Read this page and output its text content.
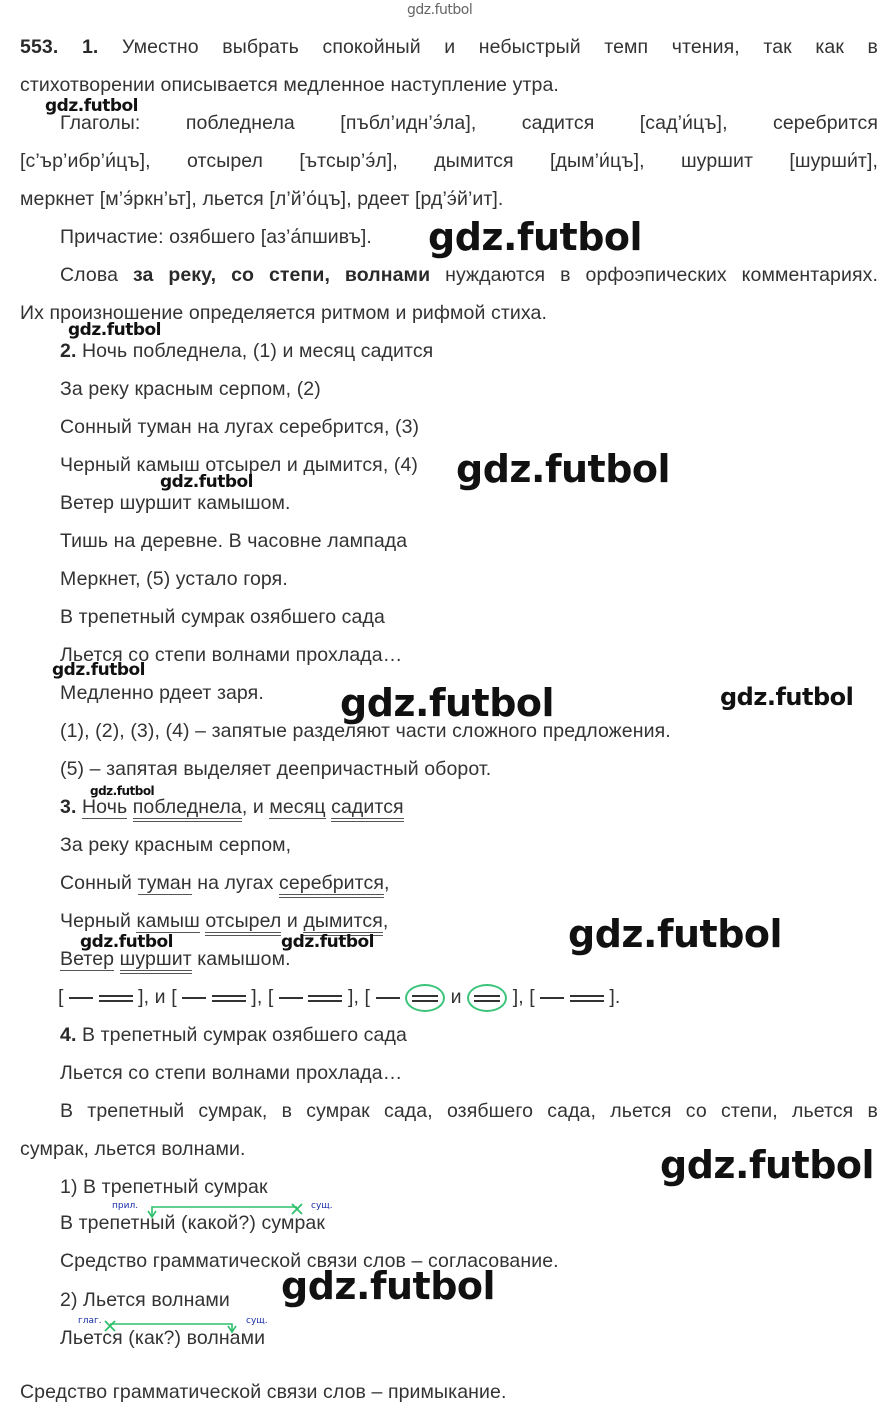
553. 1. Уместно выбрать спокойный и небыстрый темп чтения, так как в
стихотворении описывается медленное наступление утра.
Глаголы: побледнела [пъбл’идн’э́ла], садится [сад’и́цъ], серебрится
[с’ър’ибр’и́цъ], отсырел [ътсыр’э́л], дымится [дым’и́цъ], шуршит [шурши́т],
меркнет [м’э́ркн’ьт], льется [л’й’о́цъ], рдеет [рд’э́й’ит].
Причастие: озябшего [аз’а́пшивъ].
Слова за реку, со степи, волнами нуждаются в орфоэпических комментариях.
Их произношение определяется ритмом и рифмой стиха.
2. Ночь побледнела, (1) и месяц садится
За реку красным серпом, (2)
Сонный туман на лугах серебрится, (3)
Черный камыш отсырел и дымится, (4)
Ветер шуршит камышом.
Тишь на деревне. В часовне лампада
Меркнет, (5) устало горя.
В трепетный сумрак озябшего сада
Льется со степи волнами прохлада…
Медленно рдеет заря.
(1), (2), (3), (4) – запятые разделяют части сложного предложения.
(5) – запятая выделяет деепричастный оборот.
3. Ночь побледнела, и месяц садится
За реку красным серпом,
Сонный туман на лугах серебрится,
Черный камыш отсырел и дымится,
Ветер шуршит камышом.
[	], и [	], [	], [	и  ], [	].
4. В трепетный сумрак озябшего сада
Льется со степи волнами прохлада…
В трепетный сумрак, в сумрак сада, озябшего сада, льется со степи, льется в
сумрак, льется волнами.
1) В трепетный сумрак
прил.	сущ.
В трепетный (какой?) сумрак
Средство грамматической связи слов – согласование.
2) Льется волнами
глаг.	сущ.
Льется (как?) волнами
Средство грамматической связи слов – примыкание.
gdz.futbol
gdz.futbol
gdz.futbol
gdz.futbol
gdz.futbol
gdz.futbol
gdz.futbol
gdz.futbol	gdz.futbol
gdz.futbol
gdz.futbol
gdz.futbol	gdz.futbol
gdz.futbol
gdz.futbol
